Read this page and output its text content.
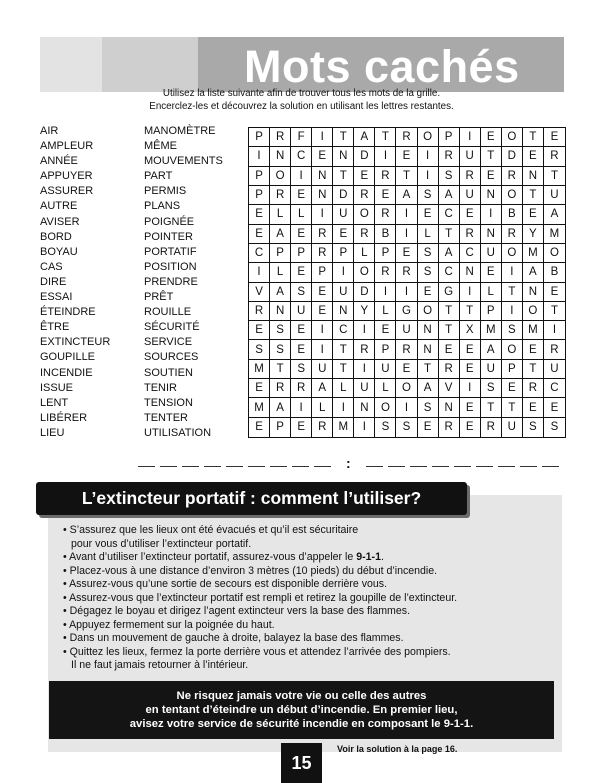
Mots cachés
Utilisez la liste suivante afin de trouver tous les mots de la grille.
Encerclez-les et découvrez la solution en utilisant les lettres restantes.
AIR
AMPLEUR
ANNÉE
APPUYER
ASSURER
AUTRE
AVISER
BORD
BOYAU
CAS
DIRE
ESSAI
ÉTEINDRE
ÊTRE
EXTINCTEUR
GOUPILLE
INCENDIE
ISSUE
LENT
LIBÉRER
LIEU
MANOMÈTRE
MÊME
MOUVEMENTS
PART
PERMIS
PLANS
POIGNÉE
POINTER
PORTATIF
POSITION
PRENDRE
PRÊT
ROUILLE
SÉCURITÉ
SERVICE
SOURCES
SOUTIEN
TENIR
TENSION
TENTER
UTILISATION
P	R	F	I	T	A	T	R	O	P	I	E	O	T	E
I	N	C	E	N	D	I	E	I	R	U	T	D	E	R
P	O	I	N	T	E	R	T	I	S	R	E	R	N	T
P	R	E	N	D	R	E	A	S	A	U	N	O	T	U
E	L	L	I	U	O	R	I	E	C	E	I	B	E	A
E	A	E	R	E	R	B	I	L	T	R	N	R	Y	M
C	P	P	R	P	L	P	E	S	A	C	U	O	M	O
I	L	E	P	I	O	R	R	S	C	N	E	I	A	B
V	A	S	E	U	D	I	I	E	G	I	L	T	N	E
R	N	U	E	N	Y	L	G	O	T	T	P	I	O	T
E	S	E	I	C	I	E	U	N	T	X	M	S	M	I
S	S	E	I	T	R	P	R	N	E	E	A	O	E	R
M	T	S	U	T	I	U	E	T	R	E	U	P	T	U
E	R	R	A	L	U	L	O	A	V	I	S	E	R	C
M	A	I	L	I	N	O	I	S	N	E	T	T	E	E
E	P	E	R	M	I	S	S	E	R	E	R	U	S	S
:
L’extincteur portatif : comment l’utiliser?
• S’assurez que les lieux ont été évacués et qu’il est sécuritaire
pour vous d’utiliser l’extincteur portatif.
• Avant d’utiliser l’extincteur portatif, assurez-vous d’appeler le 9-1-1.
• Placez-vous à une distance d’environ 3 mètres (10 pieds) du début d’incendie.
• Assurez-vous qu’une sortie de secours est disponible derrière vous.
• Assurez-vous que l’extincteur portatif est rempli et retirez la goupille de l’extincteur.
• Dégagez le boyau et dirigez l’agent extincteur vers la base des flammes.
• Appuyez fermement sur la poignée du haut.
• Dans un mouvement de gauche à droite, balayez la base des flammes.
• Quittez les lieux, fermez la porte derrière vous et attendez l’arrivée des pompiers.
Il ne faut jamais retourner à l’intérieur.
Ne risquez jamais votre vie ou celle des autres
en tentant d’éteindre un début d’incendie. En premier lieu,
avisez votre service de sécurité incendie en composant le 9-1-1.
15
Voir la solution à la page 16.
